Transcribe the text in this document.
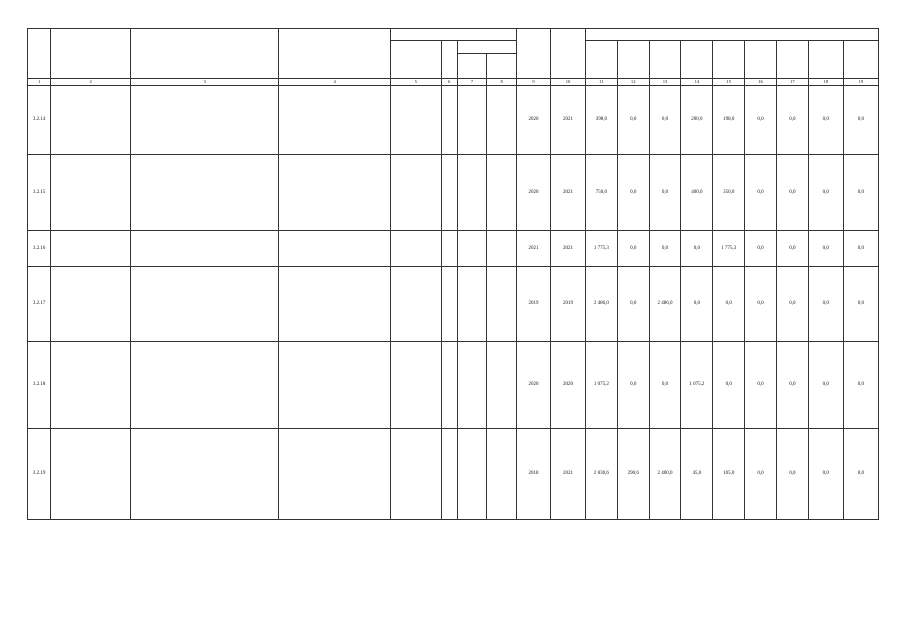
1	2	3	4	5	6	7	8	9	10	11	12	13	14	15	16	17	18	19
3.2.14								2020	2021	398,0	0,0	0,0	200,0	198,0	0,0	0,0	0,0	0,0
3.2.15								2020	2021	750,0	0,0	0,0	400,0	350,0	0,0	0,0	0,0	0,0
3.2.16								2021	2021	1 775,3	0,0	0,0	0,0	1 775,3	0,0	0,0	0,0	0,0
3.2.17								2019	2019	2 486,0	0,0	2 486,0	0,0	0,0	0,0	0,0	0,0	0,0
3.2.18								2020	2020	1 075,2	0,0	0,0	1 075,2	0,0	0,0	0,0	0,0	0,0
3.2.19								2018	2021	2 830,6	290,6	2 400,0	45,0	105,0	0,0	0,0	0,0	0,0
